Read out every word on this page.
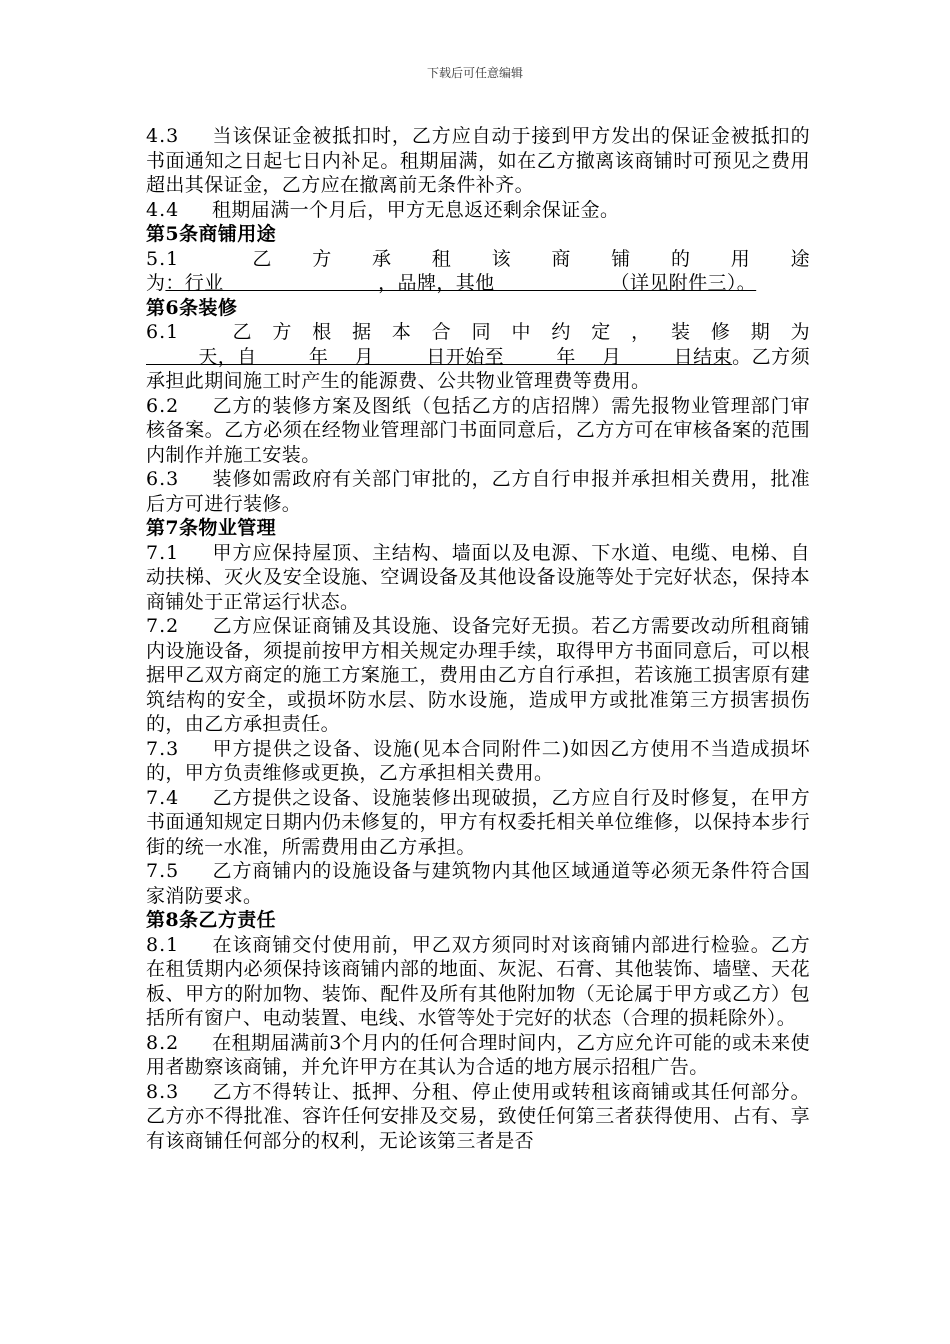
下载后可任意编辑

4.3 当该保证金被抵扣时，乙方应自动于接到甲方发出的保证金被抵扣的书面通知之日起七日内补足。租期届满，如在乙方撤离该商铺时可预见之费用超出其保证金，乙方应在撤离前无条件补齐。

4.4 租期届满一个月后，甲方无息返还剩余保证金。

第5条商铺用途

5.1 乙方承租该商铺的用途为：行业                        ，品牌，其他                  （详见附件三）。

第6条装修

6.1 乙方根据本合同中约定，装修期为        天，自        年    月        日开始至        年    月        日结束。乙方须承担此期间施工时产生的能源费、公共物业管理费等费用。

6.2 乙方的装修方案及图纸（包括乙方的店招牌）需先报物业管理部门审核备案。乙方必须在经物业管理部门书面同意后，乙方方可在审核备案的范围内制作并施工安装。

6.3 装修如需政府有关部门审批的，乙方自行申报并承担相关费用，批准后方可进行装修。

第7条物业管理

7.1 甲方应保持屋顶、主结构、墙面以及电源、下水道、电缆、电梯、自动扶梯、灭火及安全设施、空调设备及其他设备设施等处于完好状态，保持本商铺处于正常运行状态。

7.2 乙方应保证商铺及其设施、设备完好无损。若乙方需要改动所租商铺内设施设备，须提前按甲方相关规定办理手续，取得甲方书面同意后，可以根据甲乙双方商定的施工方案施工，费用由乙方自行承担，若该施工损害原有建筑结构的安全，或损坏防水层、防水设施，造成甲方或批准第三方损害损伤的，由乙方承担责任。

7.3 甲方提供之设备、设施(见本合同附件二)如因乙方使用不当造成损坏的，甲方负责维修或更换，乙方承担相关费用。

7.4 乙方提供之设备、设施装修出现破损，乙方应自行及时修复，在甲方书面通知规定日期内仍未修复的，甲方有权委托相关单位维修，以保持本步行街的统一水准，所需费用由乙方承担。

7.5 乙方商铺内的设施设备与建筑物内其他区域通道等必须无条件符合国家消防要求。

第8条乙方责任

8.1 在该商铺交付使用前，甲乙双方须同时对该商铺内部进行检验。乙方在租赁期内必须保持该商铺内部的地面、灰泥、石膏、其他装饰、墙壁、天花板、甲方的附加物、装饰、配件及所有其他附加物（无论属于甲方或乙方）包括所有窗户、电动装置、电线、水管等处于完好的状态（合理的损耗除外）。

8.2 在租期届满前3个月内的任何合理时间内，乙方应允许可能的或未来使用者勘察该商铺，并允许甲方在其认为合适的地方展示招租广告。

8.3 乙方不得转让、抵押、分租、停止使用或转租该商铺或其任何部分。乙方亦不得批准、容许任何安排及交易，致使任何第三者获得使用、占有、享有该商铺任何部分的权利，无论该第三者是否
